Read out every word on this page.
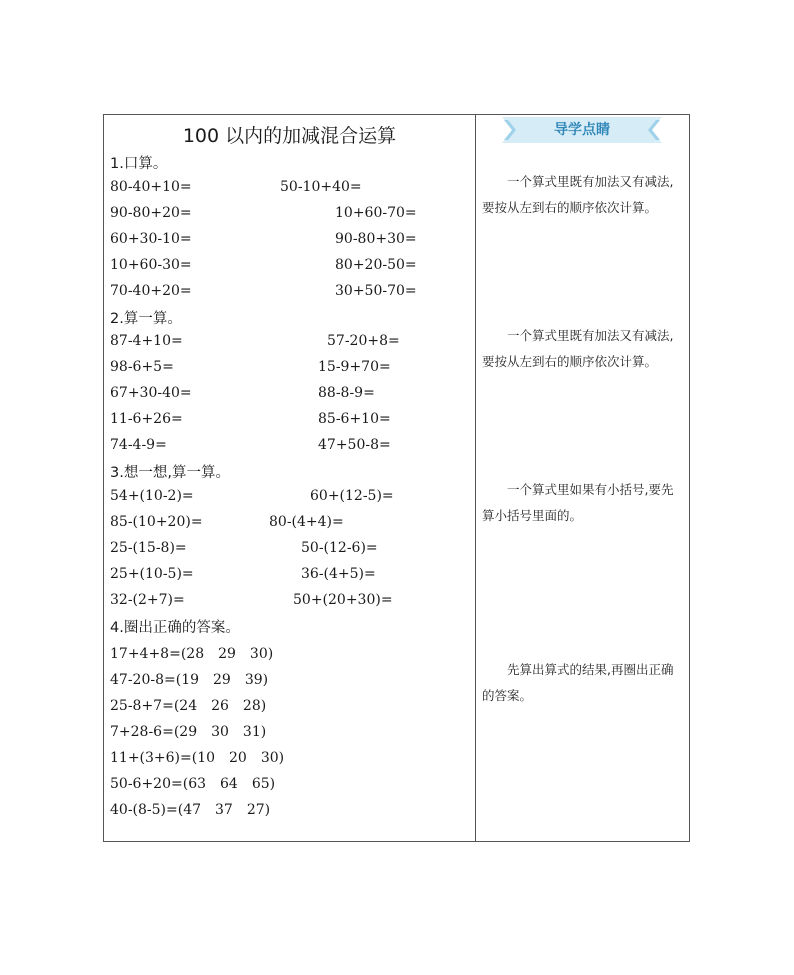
100 以内的加减混合运算
1.口算。
80-40+10=	50-10+40=
90-80+20=	10+60-70=
60+30-10=	90-80+30=
10+60-30=	80+20-50=
70-40+20=	30+50-70=
2.算一算。
87-4+10=	57-20+8=
98-6+5=	15-9+70=
67+30-40=	88-8-9=
11-6+26=	85-6+10=
74-4-9=	47+50-8=
3.想一想,算一算。
54+(10-2)=	60+(12-5)=
85-(10+20)=	80-(4+4)=
25-(15-8)=	50-(12-6)=
25+(10-5)=	36-(4+5)=
32-(2+7)=	50+(20+30)=
4.圈出正确的答案。
17+4+8=(28　29　30)
47-20-8=(19　29　39)
25-8+7=(24　26　28)
7+28-6=(29　30　31)
11+(3+6)=(10　20　30)
50-6+20=(63　64　65)
40-(8-5)=(47　37　27)
导学点睛
一个算式里既有加法又有减法,要按从左到右的顺序依次计算。
一个算式里既有加法又有减法,要按从左到右的顺序依次计算。
一个算式里如果有小括号,要先算小括号里面的。
先算出算式的结果,再圈出正确的答案。
